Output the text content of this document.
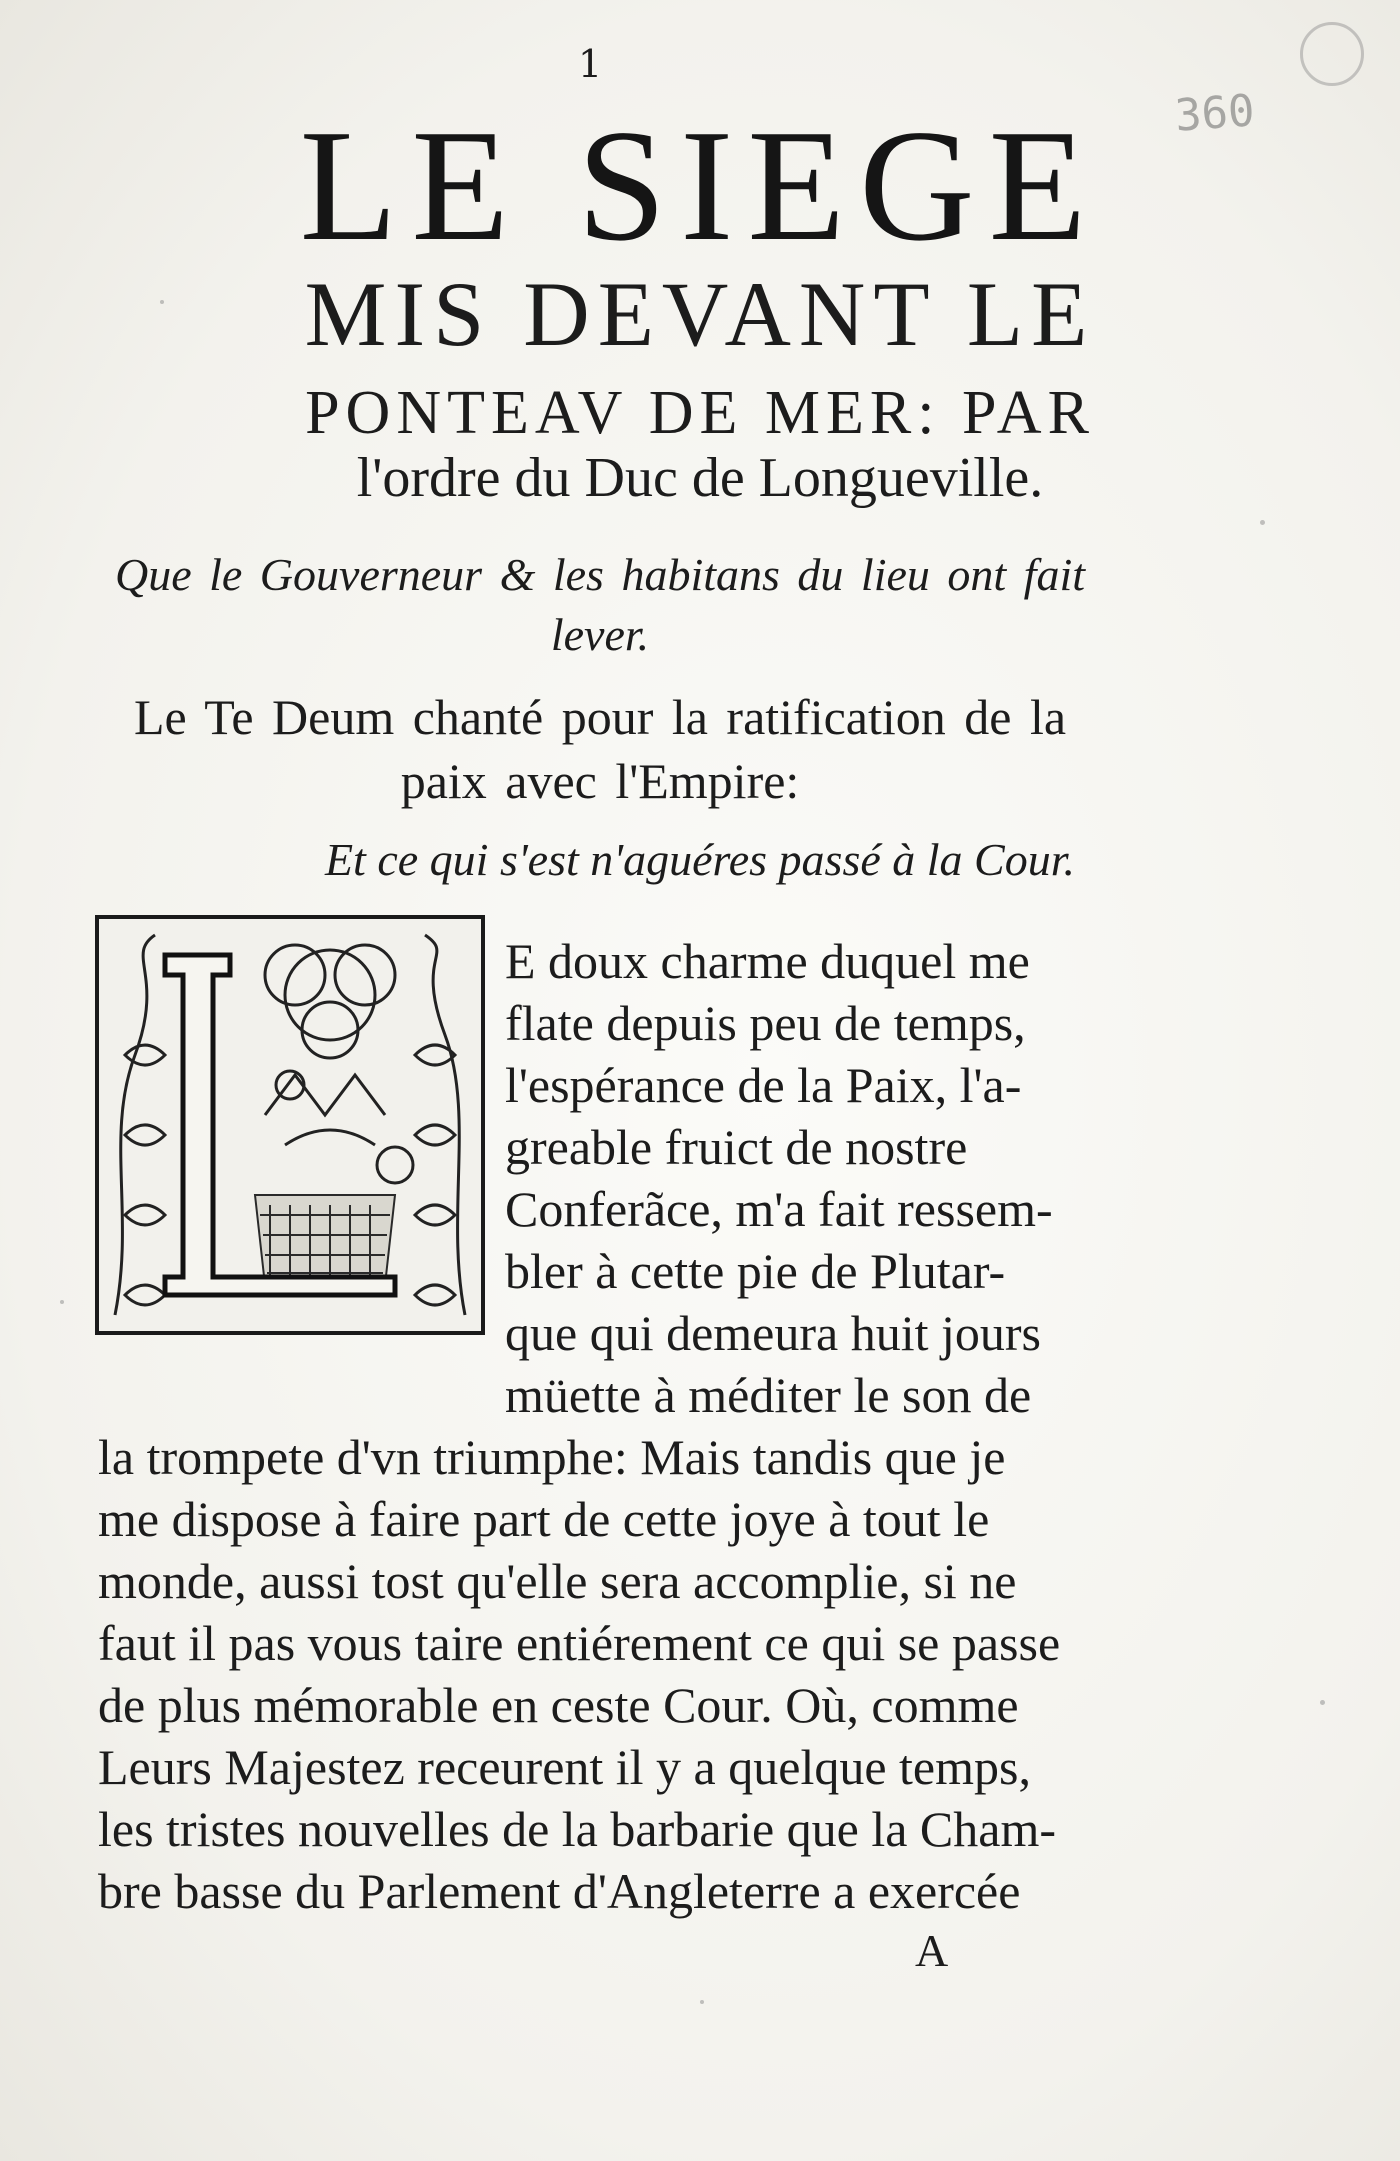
360
1
LE SIEGE
MIS DEVANT LE
PONTEAV DE MER: PAR
l'ordre du Duc de Longueville.
Que le Gouverneur & les habitans du lieu ont fait
lever.
Le Te Deum chanté pour la ratification de la
paix avec l'Empire:
Et ce qui s'est n'aguéres passé à la Cour.
E doux charme duquel me
flate depuis peu de temps,
l'espérance de la Paix, l'a-
greable fruict de nostre
Conferãce, m'a fait ressem-
bler à cette pie de Plutar-
que qui demeura huit jours
müette à méditer le son de
la trompete d'vn triumphe: Mais tandis que je
me dispose à faire part de cette joye à tout le
monde, aussi tost qu'elle sera accomplie, si ne
faut il pas vous taire entiérement ce qui se passe
de plus mémorable en ceste Cour. Où, comme
Leurs Majestez receurent il y a quelque temps,
les tristes nouvelles de la barbarie que la Cham-
bre basse du Parlement d'Angleterre a exercée
A
